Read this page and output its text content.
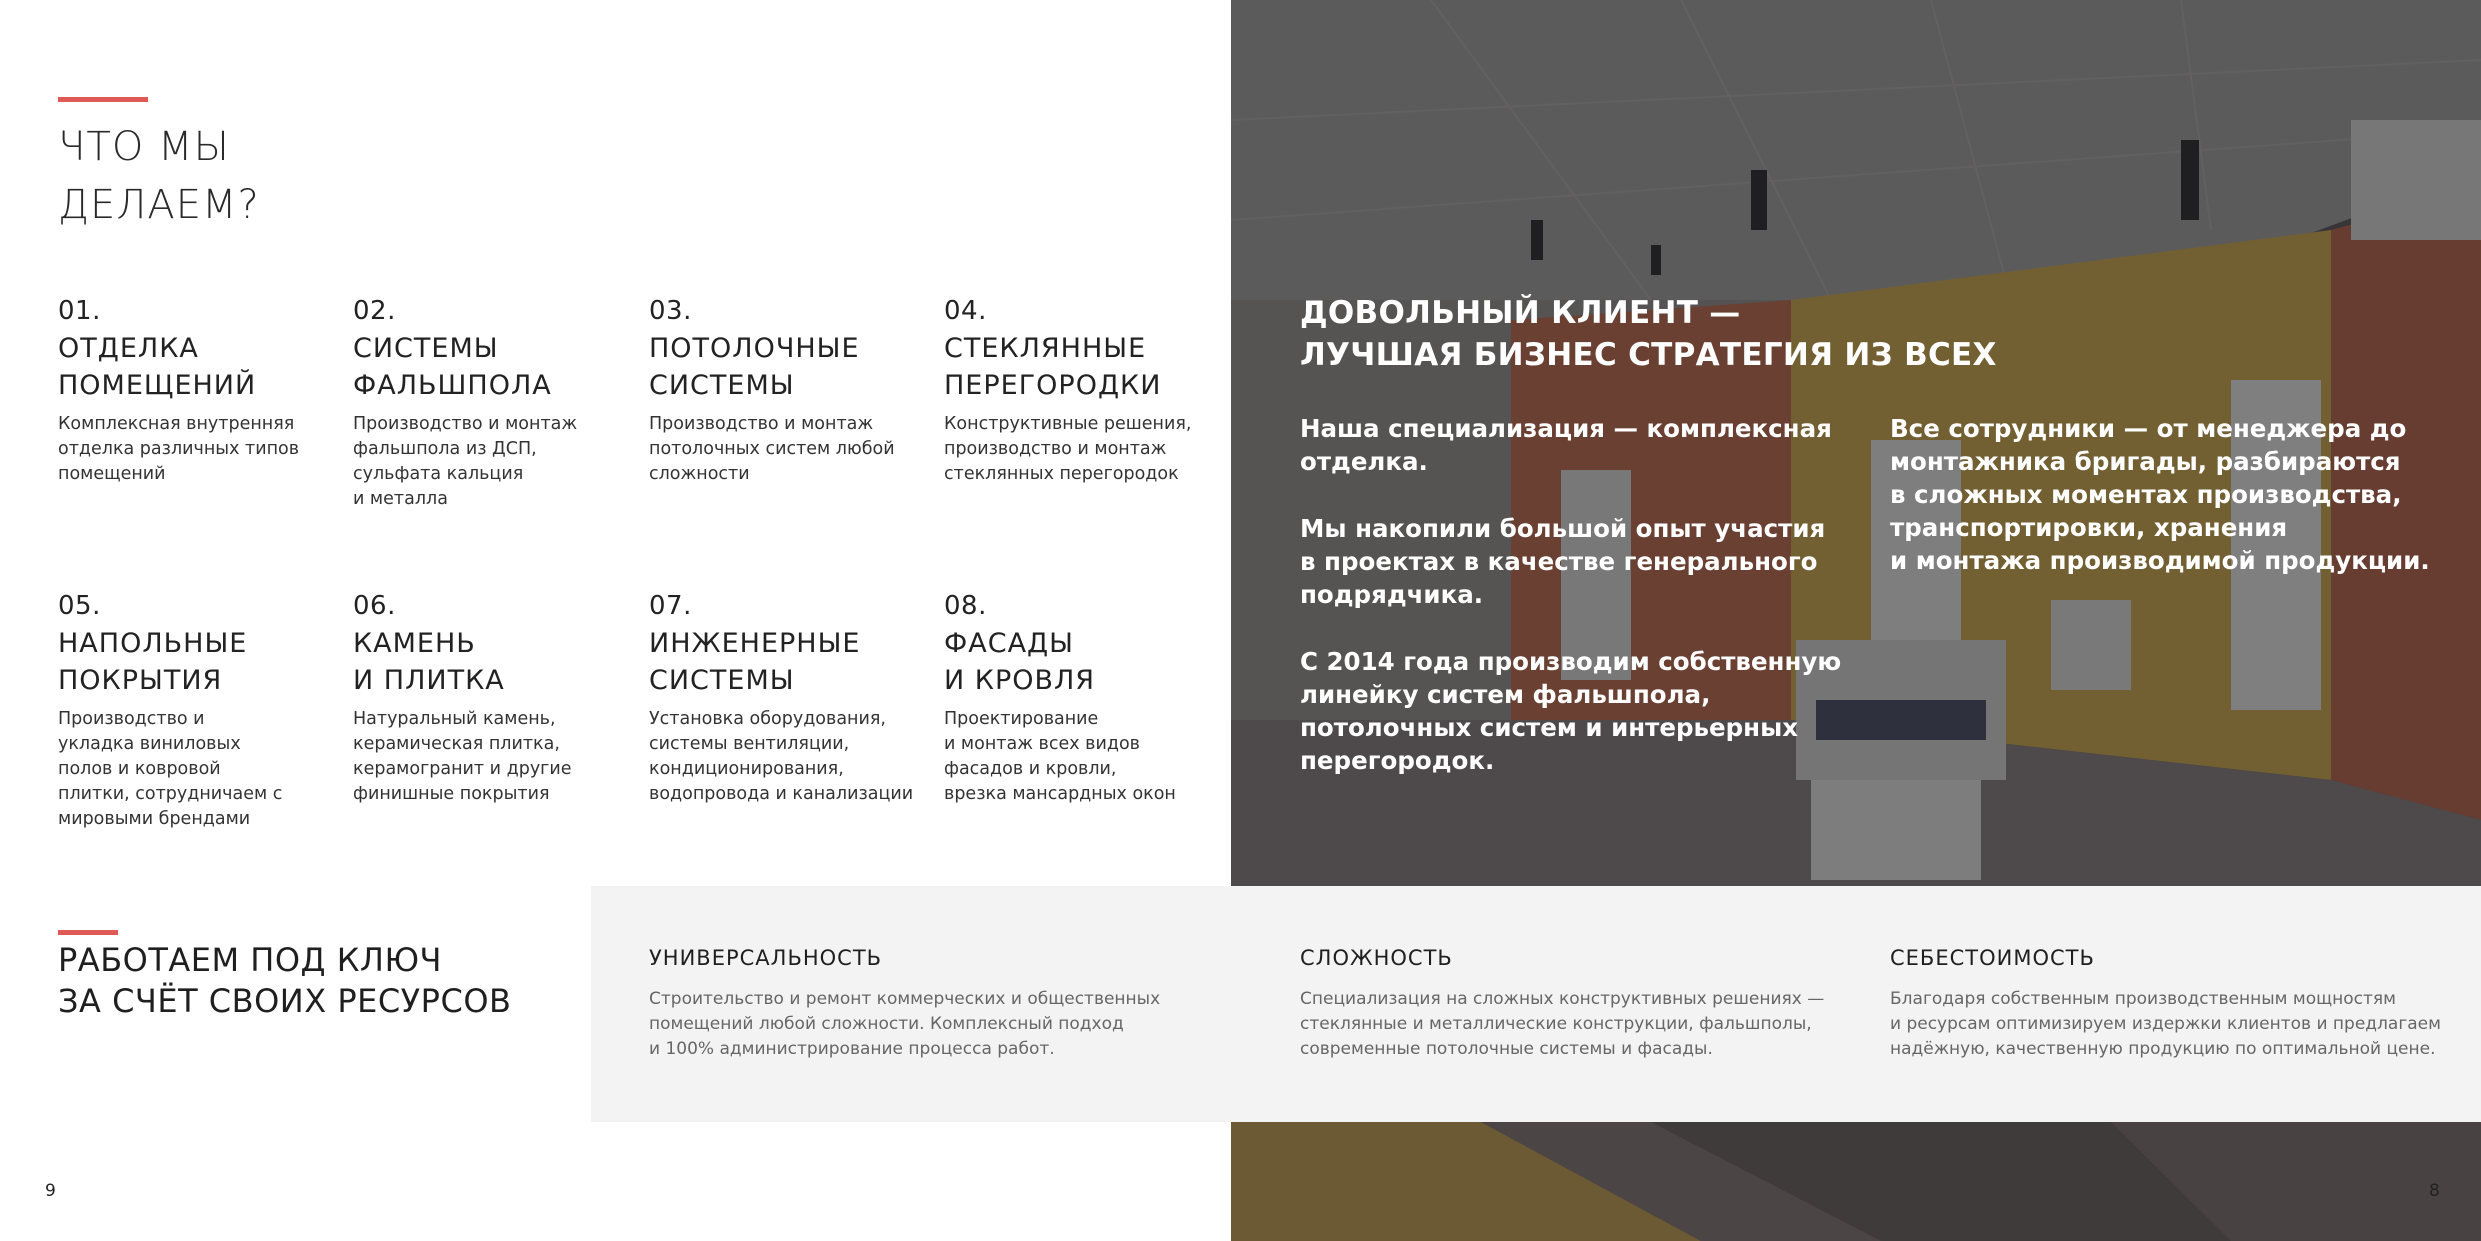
ЧТО МЫ
ДЕЛАЕМ?
01.
ОТДЕЛКА
ПОМЕЩЕНИЙ
Комплексная внутренняя
отделка различных типов
помещений
02.
СИСТЕМЫ
ФАЛЬШПОЛА
Производство и монтаж
фальшпола из ДСП,
сульфата кальция
и металла
03.
ПОТОЛОЧНЫЕ
СИСТЕМЫ
Производство и монтаж
потолочных систем любой
сложности
04.
СТЕКЛЯННЫЕ
ПЕРЕГОРОДКИ
Конструктивные решения,
производство и монтаж
стеклянных перегородок
05.
НАПОЛЬНЫЕ
ПОКРЫТИЯ
Производство и
укладка виниловых
полов и ковровой
плитки, сотрудничаем с
мировыми брендами
06.
КАМЕНЬ
И ПЛИТКА
Натуральный камень,
керамическая плитка,
керамогранит и другие
финишные покрытия
07.
ИНЖЕНЕРНЫЕ
СИСТЕМЫ
Установка оборудования,
системы вентиляции,
кондиционирования,
водопровода и канализации
08.
ФАСАДЫ
И КРОВЛЯ
Проектирование
и монтаж всех видов
фасадов и кровли,
врезка мансардных окон
ДОВОЛЬНЫЙ КЛИЕНТ —
ЛУЧШАЯ БИЗНЕС СТРАТЕГИЯ ИЗ ВСЕХ
Наша специализация — комплексная
отделка.
Мы накопили большой опыт участия
в проектах в качестве генерального
подрядчика.
С 2014 года производим собственную
линейку систем фальшпола,
потолочных систем и интерьерных
перегородок.
Все сотрудники — от менеджера до
монтажника бригады, разбираются
в сложных моментах производства,
транспортировки, хранения
и монтажа производимой продукции.
РАБОТАЕМ ПОД КЛЮЧ
ЗА СЧЁТ СВОИХ РЕСУРСОВ
УНИВЕРСАЛЬНОСТЬ
Строительство и ремонт коммерческих и общественных
помещений любой сложности. Комплексный подход
и 100% администрирование процесса работ.
СЛОЖНОСТЬ
Специализация на сложных конструктивных решениях —
стеклянные и металлические конструкции, фальшполы,
современные потолочные системы и фасады.
СЕБЕСТОИМОСТЬ
Благодаря собственным производственным мощностям
и ресурсам оптимизируем издержки клиентов и предлагаем
надёжную, качественную продукцию по оптимальной цене.
9	8
